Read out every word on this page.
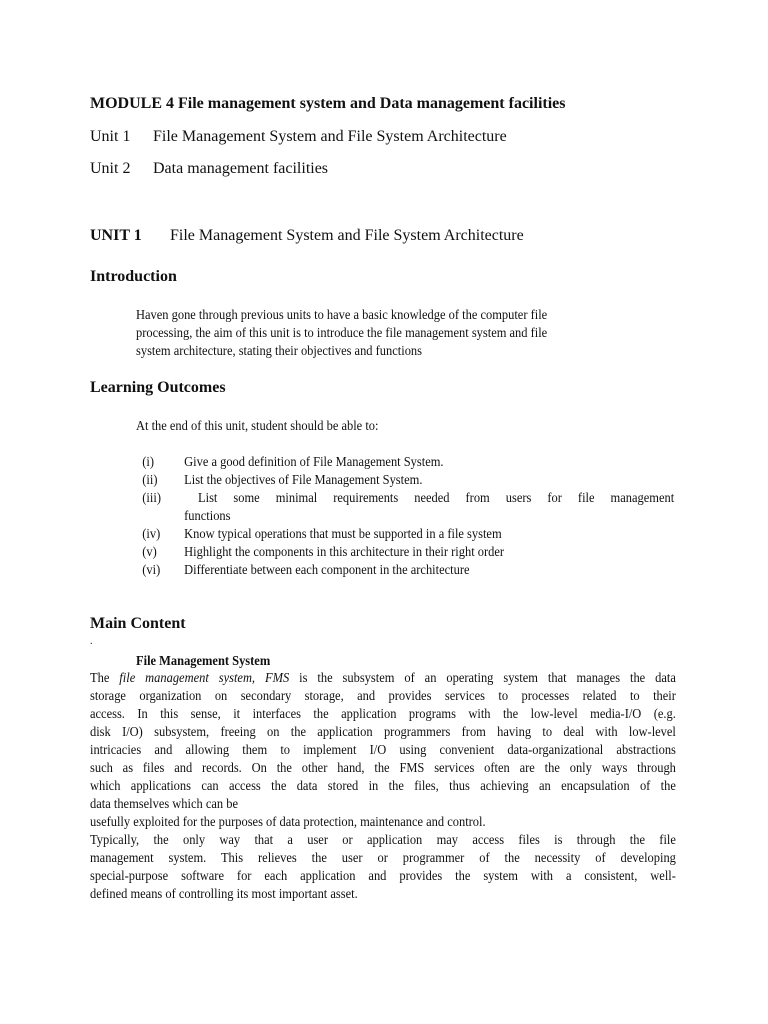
MODULE 4 File management system and Data management facilities
Unit 1 File Management System and File System Architecture
Unit 2 Data management facilities
UNIT 1 File Management System and File System Architecture
Introduction
Haven gone through previous units to have a basic knowledge of the computer file
processing, the aim of this unit is to introduce the file management system and file
system architecture, stating their objectives and functions
Learning Outcomes
At the end of this unit, student should be able to:
(i) Give a good definition of File Management System.
(ii) List the objectives of File Management System.
(iii)	List some minimal requirements needed from users for file management
functions
(iv) Know typical operations that must be supported in a file system
(v) Highlight the components in this architecture in their right order
(vi) Differentiate between each component in the architecture
Main Content
.
File Management System
The file management system, FMS is the subsystem of an operating system that manages the data
storage organization on secondary storage, and provides services to processes related to their
access. In this sense, it interfaces the application programs with the low-level media-I/O (e.g.
disk I/O) subsystem, freeing on the application programmers from having to deal with low-level
intricacies and allowing them to implement I/O using convenient data-organizational abstractions
such as files and records. On the other hand, the FMS services often are the only ways through
which applications can access the data stored in the files, thus achieving an encapsulation of the
data themselves which can be
usefully exploited for the purposes of data protection, maintenance and control.
Typically, the only way that a user or application may access files is through the file
management system. This relieves the user or programmer of the necessity of developing
special-purpose software for each application and provides the system with a consistent, well-
defined means of controlling its most important asset.
